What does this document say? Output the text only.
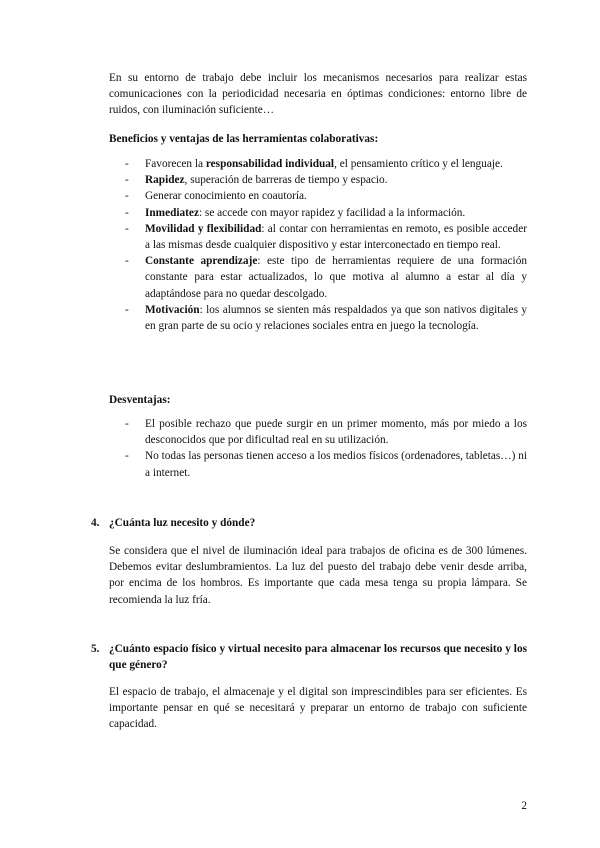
En su entorno de trabajo debe incluir los mecanismos necesarios para realizar estas comunicaciones con la periodicidad necesaria en óptimas condiciones: entorno libre de ruidos, con iluminación suficiente…

Beneficios y ventajas de las herramientas colaborativas:

- Favorecen la responsabilidad individual, el pensamiento crítico y el lenguaje.
- Rapidez, superación de barreras de tiempo y espacio.
- Generar conocimiento en coautoría.
- Inmediatez: se accede con mayor rapidez y facilidad a la información.
- Movilidad y flexibilidad: al contar con herramientas en remoto, es posible acceder a las mismas desde cualquier dispositivo y estar interconectado en tiempo real.
- Constante aprendizaje: este tipo de herramientas requiere de una formación constante para estar actualizados, lo que motiva al alumno a estar al día y adaptándose para no quedar descolgado.
- Motivación: los alumnos se sienten más respaldados ya que son nativos digitales y en gran parte de su ocio y relaciones sociales entra en juego la tecnología.

Desventajas:

- El posible rechazo que puede surgir en un primer momento, más por miedo a los desconocidos que por dificultad real en su utilización.
- No todas las personas tienen acceso a los medios físicos (ordenadores, tabletas…) ni a internet.
4. ¿Cuánta luz necesito y dónde?

Se considera que el nivel de iluminación ideal para trabajos de oficina es de 300 lúmenes. Debemos evitar deslumbramientos. La luz del puesto del trabajo debe venir desde arriba, por encima de los hombros. Es importante que cada mesa tenga su propia lámpara. Se recomienda la luz fría.

5. ¿Cuánto espacio físico y virtual necesito para almacenar los recursos que necesito y los que género?

El espacio de trabajo, el almacenaje y el digital son imprescindibles para ser eficientes. Es importante pensar en qué se necesitará y preparar un entorno de trabajo con suficiente capacidad.

2
